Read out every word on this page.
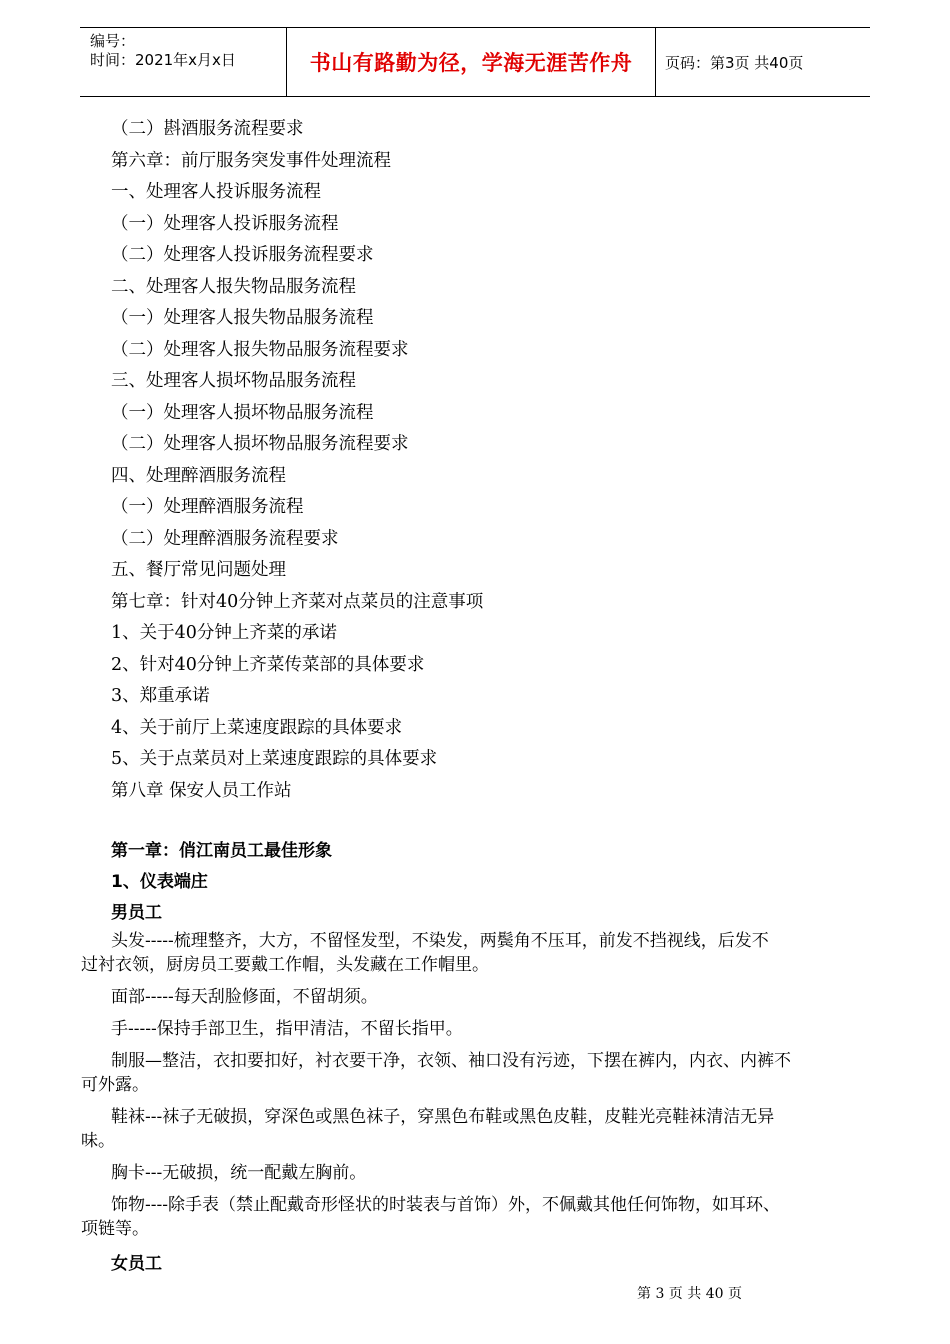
编号：
时间：2021年x月x日	书山有路勤为径，学海无涯苦作舟	页码：第3页 共40页
（二）斟酒服务流程要求
第六章：前厅服务突发事件处理流程
一、处理客人投诉服务流程
（一）处理客人投诉服务流程
（二）处理客人投诉服务流程要求
二、处理客人报失物品服务流程
（一）处理客人报失物品服务流程
（二）处理客人报失物品服务流程要求
三、处理客人损坏物品服务流程
（一）处理客人损坏物品服务流程
（二）处理客人损坏物品服务流程要求
四、处理醉酒服务流程
（一）处理醉酒服务流程
（二）处理醉酒服务流程要求
五、餐厅常见问题处理
第七章：针对40分钟上齐菜对点菜员的注意事项
1、关于40分钟上齐菜的承诺
2、针对40分钟上齐菜传菜部的具体要求
3、郑重承诺
4、关于前厅上菜速度跟踪的具体要求
5、关于点菜员对上菜速度跟踪的具体要求
第八章 保安人员工作站
第一章：俏江南员工最佳形象
1、仪表端庄
男员工
头发-----梳理整齐，大方，不留怪发型，不染发，两鬓角不压耳，前发不挡视线，后发不
过衬衣领，厨房员工要戴工作帽，头发藏在工作帽里。
面部-----每天刮脸修面，不留胡须。
手-----保持手部卫生，指甲清洁，不留长指甲。
制服—整洁，衣扣要扣好，衬衣要干净，衣领、袖口没有污迹，下摆在裤内，内衣、内裤不
可外露。
鞋袜---袜子无破损，穿深色或黑色袜子，穿黑色布鞋或黑色皮鞋，皮鞋光亮鞋袜清洁无异
味。
胸卡---无破损，统一配戴左胸前。
饰物----除手表（禁止配戴奇形怪状的时装表与首饰）外，不佩戴其他任何饰物，如耳环、
项链等。
女员工
第 3 页 共 40 页
